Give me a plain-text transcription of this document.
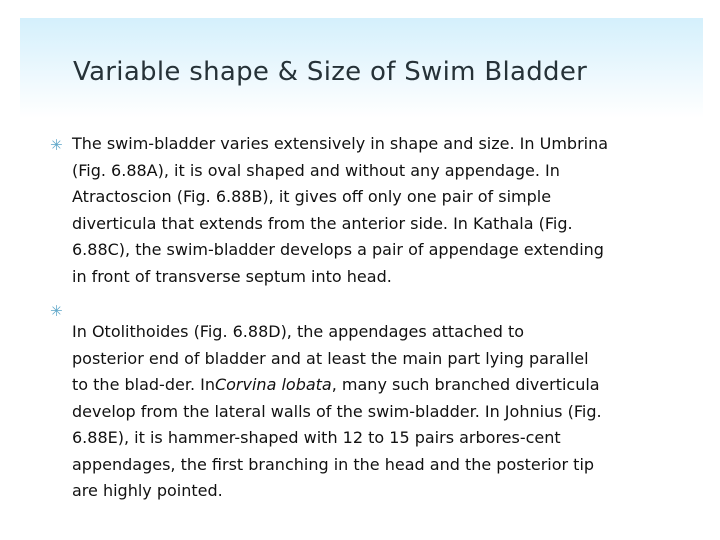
Variable shape & Size of Swim Bladder
✳ The swim-bladder varies extensively in shape and size. In Umbrina
(Fig. 6.88A), it is oval shaped and without any appendage. In
Atractoscion (Fig. 6.88B), it gives off only one pair of simple
diverticula that extends from the anterior side. In Kathala (Fig.
6.88C), the swim-bladder develops a pair of appendage extending
in front of transverse septum into head.
✳
In Otolithoides (Fig. 6.88D), the appendages attached to
posterior end of bladder and at least the main part lying parallel
to the blad-der. InCorvina lobata, many such branched diverticula
develop from the lateral walls of the swim-bladder. In Johnius (Fig.
6.88E), it is hammer-shaped with 12 to 15 pairs arbores-cent
appendages, the first branching in the head and the posterior tip
are highly pointed.
